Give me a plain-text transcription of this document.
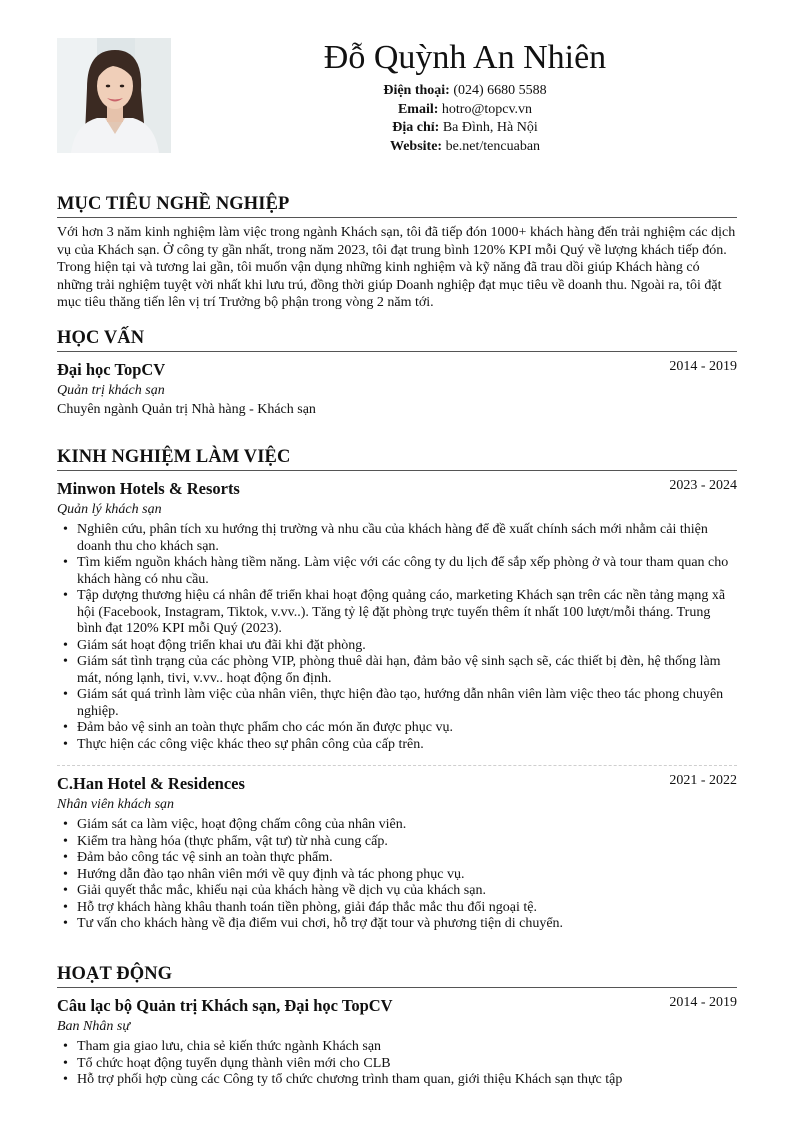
Đỗ Quỳnh An Nhiên
Điện thoại: (024) 6680 5588
Email: hotro@topcv.vn
Địa chỉ: Ba Đình, Hà Nội
Website: be.net/tencuaban
MỤC TIÊU NGHỀ NGHIỆP
Với hơn 3 năm kinh nghiệm làm việc trong ngành Khách sạn, tôi đã tiếp đón 1000+ khách hàng đến trải nghiệm các dịch vụ của Khách sạn. Ở công ty gần nhất, trong năm 2023, tôi đạt trung bình 120% KPI mỗi Quý về lượng khách tiếp đón. Trong hiện tại và tương lai gần, tôi muốn vận dụng những kinh nghiệm và kỹ năng đã trau dồi giúp Khách hàng có những trải nghiệm tuyệt vời nhất khi lưu trú, đồng thời giúp Doanh nghiệp đạt mục tiêu về doanh thu. Ngoài ra, tôi đặt mục tiêu thăng tiến lên vị trí Trưởng bộ phận trong vòng 2 năm tới.
HỌC VẤN
Đại học TopCV	2014 - 2019
Quản trị khách sạn
Chuyên ngành Quản trị Nhà hàng - Khách sạn
KINH NGHIỆM LÀM VIỆC
Minwon Hotels & Resorts	2023 - 2024
Quản lý khách sạn
• Nghiên cứu, phân tích xu hướng thị trường và nhu cầu của khách hàng để đề xuất chính sách mới nhằm cải thiện doanh thu cho khách sạn.
• Tìm kiếm nguồn khách hàng tiềm năng. Làm việc với các công ty du lịch để sắp xếp phòng ở và tour tham quan cho khách hàng có nhu cầu.
• Tập dượng thương hiệu cá nhân để triển khai hoạt động quảng cáo, marketing Khách sạn trên các nền tảng mạng xã hội (Facebook, Instagram, Tiktok, v.vv..). Tăng tỷ lệ đặt phòng trực tuyến thêm ít nhất 100 lượt/mỗi tháng. Trung bình đạt 120% KPI mỗi Quý (2023).
• Giám sát hoạt động triển khai ưu đãi khi đặt phòng.
• Giám sát tình trạng của các phòng VIP, phòng thuê dài hạn, đảm bảo vệ sinh sạch sẽ, các thiết bị đèn, hệ thống làm mát, nóng lạnh, tivi, v.vv.. hoạt động ổn định.
• Giám sát quá trình làm việc của nhân viên, thực hiện đào tạo, hướng dẫn nhân viên làm việc theo tác phong chuyên nghiệp.
• Đảm bảo vệ sinh an toàn thực phẩm cho các món ăn được phục vụ.
• Thực hiện các công việc khác theo sự phân công của cấp trên.
C.Han Hotel & Residences	2021 - 2022
Nhân viên khách sạn
• Giám sát ca làm việc, hoạt động chấm công của nhân viên.
• Kiểm tra hàng hóa (thực phẩm, vật tư) từ nhà cung cấp.
• Đảm bảo công tác vệ sinh an toàn thực phẩm.
• Hướng dẫn đào tạo nhân viên mới về quy định và tác phong phục vụ.
• Giải quyết thắc mắc, khiếu nại của khách hàng về dịch vụ của khách sạn.
• Hỗ trợ khách hàng khâu thanh toán tiền phòng, giải đáp thắc mắc thu đổi ngoại tệ.
• Tư vấn cho khách hàng về địa điểm vui chơi, hỗ trợ đặt tour và phương tiện di chuyển.
HOẠT ĐỘNG
Câu lạc bộ Quản trị Khách sạn, Đại học TopCV	2014 - 2019
Ban Nhân sự
• Tham gia giao lưu, chia sẻ kiến thức ngành Khách sạn
• Tổ chức hoạt động tuyển dụng thành viên mới cho CLB
• Hỗ trợ phối hợp cùng các Công ty tổ chức chương trình tham quan, giới thiệu Khách sạn thực tập
